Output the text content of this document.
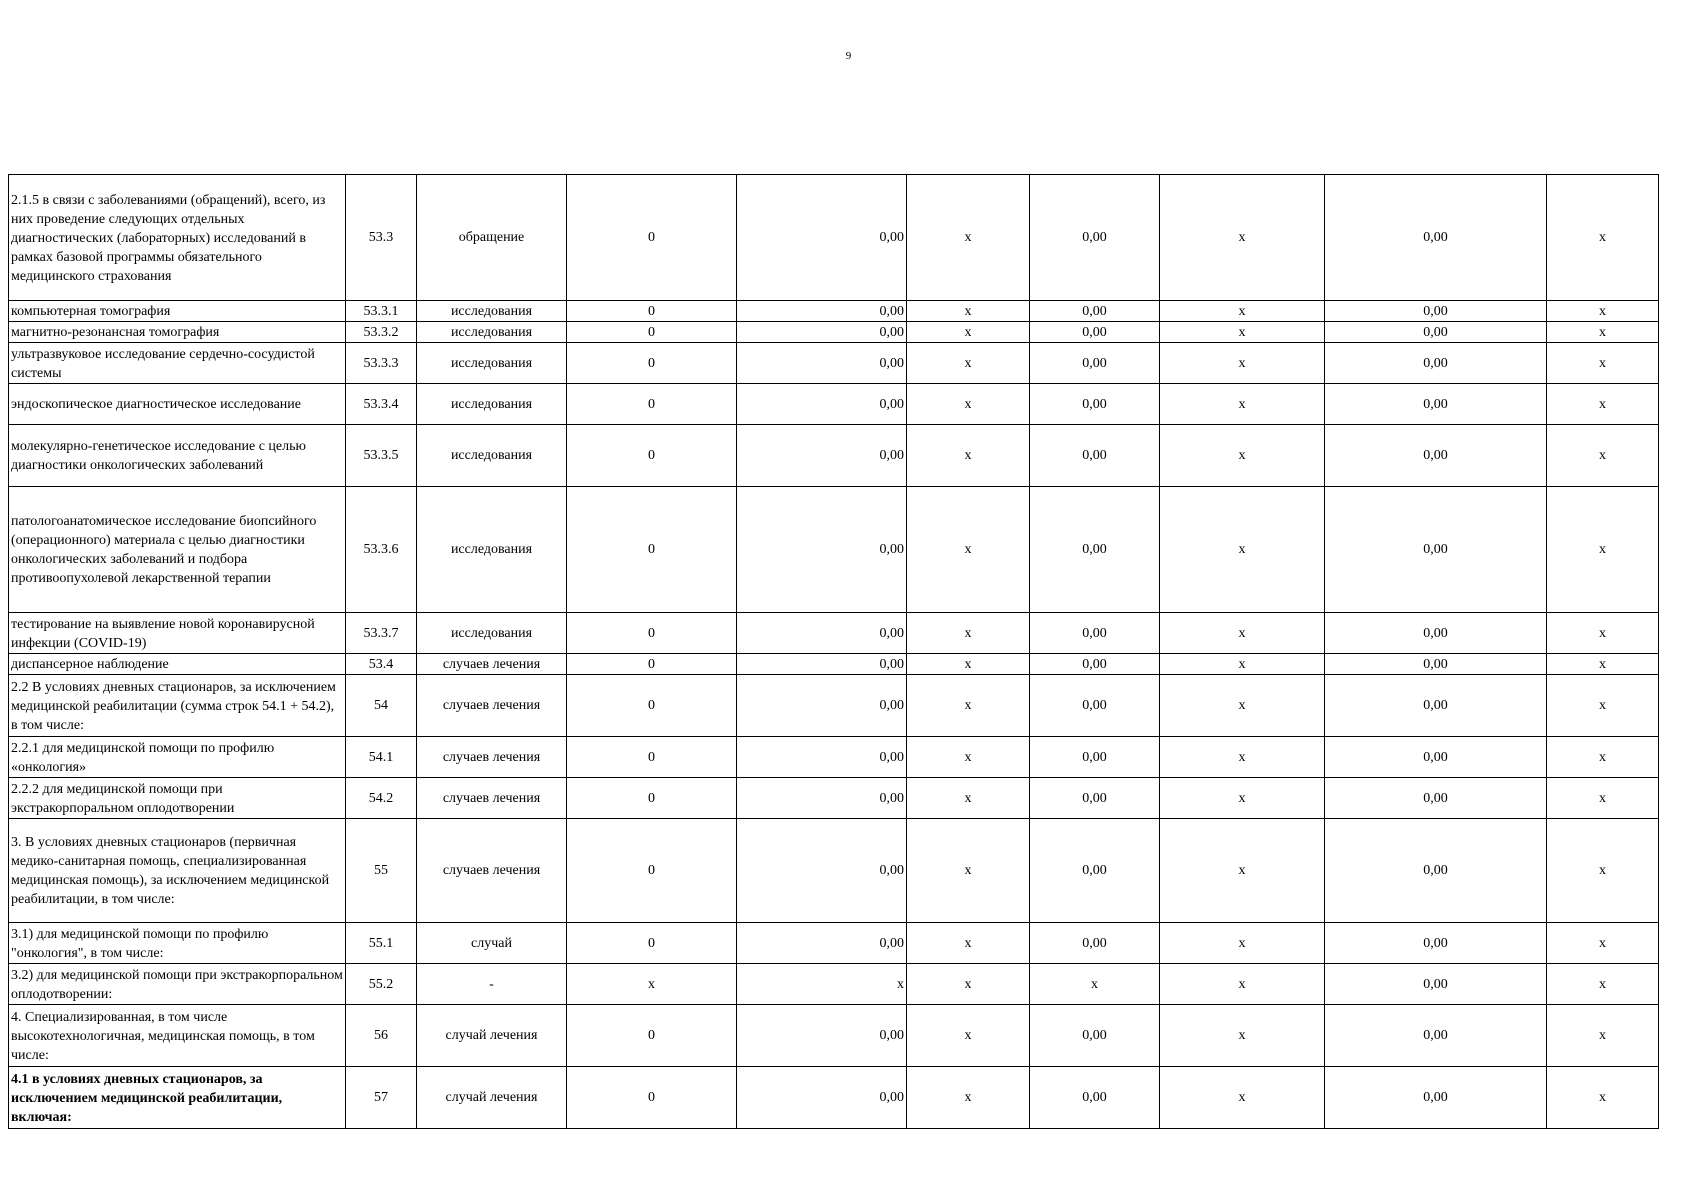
9
2.1.5 в связи с заболеваниями (обращений), всего, из них проведение следующих отдельных диагностических (лабораторных) исследований в рамках базовой программы обязательного медицинского страхования	53.3	обращение	0	0,00	x	0,00	x	0,00	x
компьютерная томография	53.3.1	исследования	0	0,00	x	0,00	x	0,00	x
магнитно-резонансная томография	53.3.2	исследования	0	0,00	x	0,00	x	0,00	x
ультразвуковое исследование сердечно-сосудистой системы	53.3.3	исследования	0	0,00	x	0,00	x	0,00	x
эндоскопическое диагностическое исследование	53.3.4	исследования	0	0,00	x	0,00	x	0,00	x
молекулярно-генетическое исследование с целью диагностики онкологических заболеваний	53.3.5	исследования	0	0,00	x	0,00	x	0,00	x
патологоанатомическое исследование биопсийного (операционного) материала с целью диагностики онкологических заболеваний и подбора противоопухолевой лекарственной терапии	53.3.6	исследования	0	0,00	x	0,00	x	0,00	x
тестирование на выявление новой коронавирусной инфекции (COVID-19)	53.3.7	исследования	0	0,00	x	0,00	x	0,00	x
диспансерное наблюдение	53.4	случаев лечения	0	0,00	x	0,00	x	0,00	x
2.2 В условиях дневных стационаров, за исключением медицинской реабилитации (сумма строк 54.1 + 54.2), в том числе:	54	случаев лечения	0	0,00	x	0,00	x	0,00	x
2.2.1 для медицинской помощи по профилю «онкология»	54.1	случаев лечения	0	0,00	x	0,00	x	0,00	x
2.2.2 для медицинской помощи при экстракорпоральном оплодотворении	54.2	случаев лечения	0	0,00	x	0,00	x	0,00	x
3. В условиях дневных стационаров (первичная медико-санитарная помощь, специализированная медицинская помощь), за исключением медицинской реабилитации, в том числе:	55	случаев лечения	0	0,00	x	0,00	x	0,00	x
3.1) для медицинской помощи по профилю "онкология", в том числе:	55.1	случай	0	0,00	x	0,00	x	0,00	x
3.2) для медицинской помощи при экстракорпоральном оплодотворении:	55.2	-	x	x	x	x	x	0,00	x
4. Специализированная, в том числе высокотехнологичная, медицинская помощь, в том числе:	56	случай лечения	0	0,00	x	0,00	x	0,00	x
4.1 в условиях дневных стационаров, за исключением медицинской реабилитации, включая:	57	случай лечения	0	0,00	x	0,00	x	0,00	x
